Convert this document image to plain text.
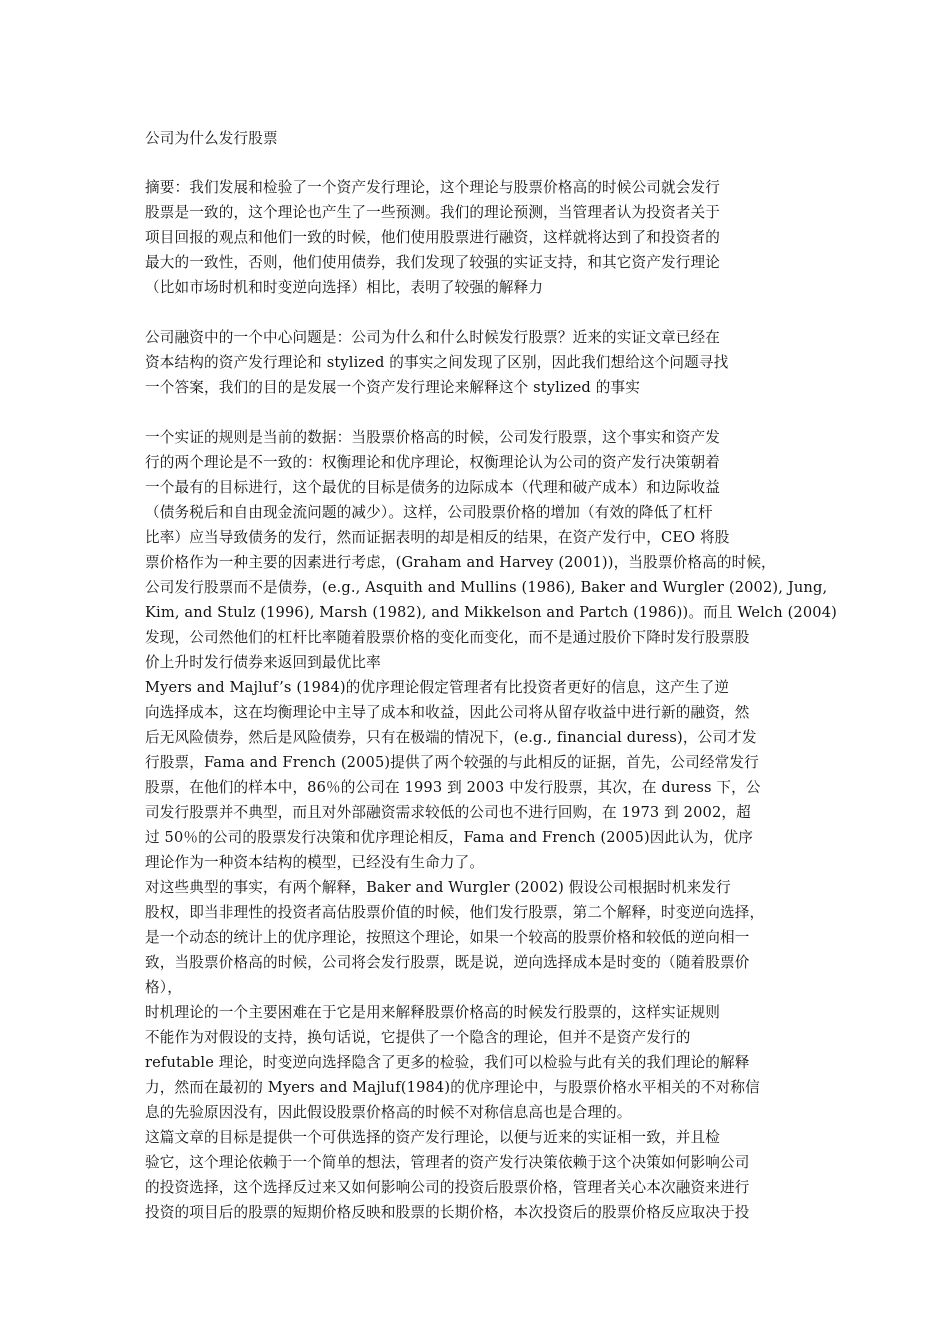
公司为什么发行股票
摘要：我们发展和检验了一个资产发行理论，这个理论与股票价格高的时候公司就会发行
股票是一致的，这个理论也产生了一些预测。我们的理论预测，当管理者认为投资者关于
项目回报的观点和他们一致的时候，他们使用股票进行融资，这样就将达到了和投资者的
最大的一致性，否则，他们使用债券，我们发现了较强的实证支持，和其它资产发行理论
（比如市场时机和时变逆向选择）相比，表明了较强的解释力
公司融资中的一个中心问题是：公司为什么和什么时候发行股票？近来的实证文章已经在
资本结构的资产发行理论和 stylized 的事实之间发现了区别，因此我们想给这个问题寻找
一个答案，我们的目的是发展一个资产发行理论来解释这个 stylized 的事实
一个实证的规则是当前的数据：当股票价格高的时候，公司发行股票，这个事实和资产发
行的两个理论是不一致的：权衡理论和优序理论，权衡理论认为公司的资产发行决策朝着
一个最有的目标进行，这个最优的目标是债务的边际成本（代理和破产成本）和边际收益
（债务税后和自由现金流问题的减少）。这样，公司股票价格的增加（有效的降低了杠杆
比率）应当导致债务的发行，然而证据表明的却是相反的结果，在资产发行中，CEO 将股
票价格作为一种主要的因素进行考虑，(Graham and Harvey (2001))，当股票价格高的时候，
公司发行股票而不是债券，(e.g., Asquith and Mullins (1986), Baker and Wurgler (2002), Jung,
Kim, and Stulz (1996), Marsh (1982), and Mikkelson and Partch (1986))。而且 Welch (2004)
发现，公司然他们的杠杆比率随着股票价格的变化而变化，而不是通过股价下降时发行股票股
价上升时发行债券来返回到最优比率
Myers and Majluf’s (1984)的优序理论假定管理者有比投资者更好的信息，这产生了逆
向选择成本，这在均衡理论中主导了成本和收益，因此公司将从留存收益中进行新的融资，然
后无风险债券，然后是风险债券，只有在极端的情况下，(e.g., financial duress)，公司才发
行股票，Fama and French (2005)提供了两个较强的与此相反的证据，首先，公司经常发行
股票，在他们的样本中，86％的公司在 1993 到 2003 中发行股票，其次，在 duress 下，公
司发行股票并不典型，而且对外部融资需求较低的公司也不进行回购，在 1973 到 2002，超
过 50％的公司的股票发行决策和优序理论相反，Fama and French (2005)因此认为，优序
理论作为一种资本结构的模型，已经没有生命力了。
对这些典型的事实，有两个解释，Baker and Wurgler (2002) 假设公司根据时机来发行
股权，即当非理性的投资者高估股票价值的时候，他们发行股票，第二个解释，时变逆向选择，
是一个动态的统计上的优序理论，按照这个理论，如果一个较高的股票价格和较低的逆向相一
致，当股票价格高的时候，公司将会发行股票，既是说，逆向选择成本是时变的（随着股票价
格），
时机理论的一个主要困难在于它是用来解释股票价格高的时候发行股票的，这样实证规则
不能作为对假设的支持，换句话说，它提供了一个隐含的理论，但并不是资产发行的
refutable 理论，时变逆向选择隐含了更多的检验，我们可以检验与此有关的我们理论的解释
力，然而在最初的 Myers and Majluf(1984)的优序理论中，与股票价格水平相关的不对称信
息的先验原因没有，因此假设股票价格高的时候不对称信息高也是合理的。
这篇文章的目标是提供一个可供选择的资产发行理论，以便与近来的实证相一致，并且检
验它，这个理论依赖于一个简单的想法，管理者的资产发行决策依赖于这个决策如何影响公司
的投资选择，这个选择反过来又如何影响公司的投资后股票价格，管理者关心本次融资来进行
投资的项目后的股票的短期价格反映和股票的长期价格，本次投资后的股票价格反应取决于投
